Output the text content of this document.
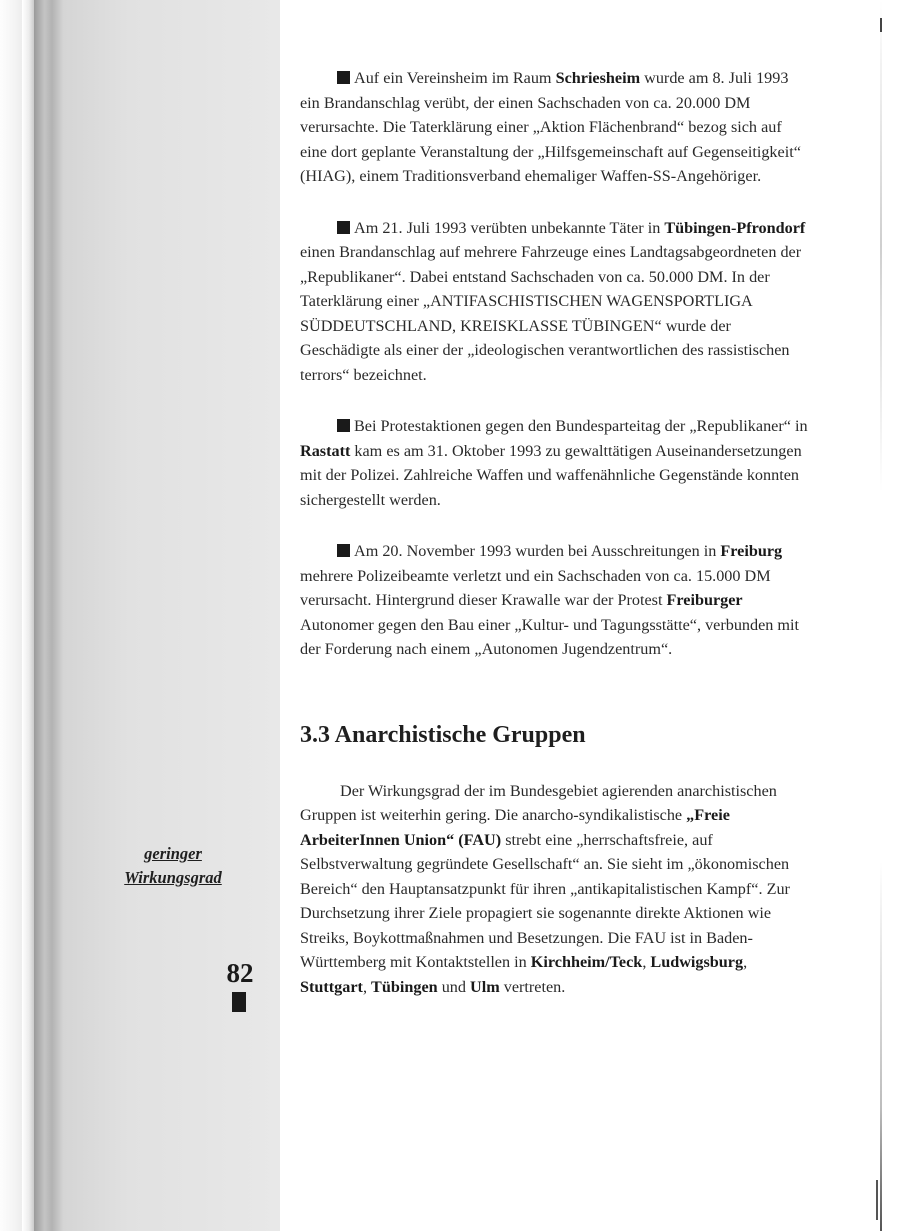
geringer
Wirkungsgrad
82

Auf ein Vereinsheim im Raum Schriesheim wurde am 8. Juli 1993 ein Brandanschlag verübt, der einen Sachschaden von ca. 20.000 DM verursachte. Die Taterklärung einer „Aktion Flächenbrand“ bezog sich auf eine dort geplante Veranstaltung der „Hilfsgemeinschaft auf Gegenseitigkeit“ (HIAG), einem Traditionsverband ehemaliger Waffen-SS-Angehöriger.

Am 21. Juli 1993 verübten unbekannte Täter in Tübingen-Pfrondorf einen Brandanschlag auf mehrere Fahrzeuge eines Landtagsabgeordneten der „Republikaner“. Dabei entstand Sachschaden von ca. 50.000 DM. In der Taterklärung einer „ANTIFASCHISTISCHEN WAGENSPORTLIGA SÜDDEUTSCHLAND, KREISKLASSE TÜBINGEN“ wurde der Geschädigte als einer der „ideologischen verantwortlichen des rassistischen terrors“ bezeichnet.

Bei Protestaktionen gegen den Bundesparteitag der „Republikaner“ in Rastatt kam es am 31. Oktober 1993 zu gewalttätigen Auseinandersetzungen mit der Polizei. Zahlreiche Waffen und waffenähnliche Gegenstände konnten sichergestellt werden.

Am 20. November 1993 wurden bei Ausschreitungen in Freiburg mehrere Polizeibeamte verletzt und ein Sachschaden von ca. 15.000 DM verursacht. Hintergrund dieser Krawalle war der Protest Freiburger Autonomer gegen den Bau einer „Kultur- und Tagungsstätte“, verbunden mit der Forderung nach einem „Autonomen Jugendzentrum“.

3.3 Anarchistische Gruppen

Der Wirkungsgrad der im Bundesgebiet agierenden anarchistischen Gruppen ist weiterhin gering. Die anarcho-syndikalistische „Freie ArbeiterInnen Union“ (FAU) strebt eine „herrschaftsfreie, auf Selbstverwaltung gegründete Gesellschaft“ an. Sie sieht im „ökonomischen Bereich“ den Hauptansatzpunkt für ihren „antikapitalistischen Kampf“. Zur Durchsetzung ihrer Ziele propagiert sie sogenannte direkte Aktionen wie Streiks, Boykottmaßnahmen und Besetzungen. Die FAU ist in Baden-Württemberg mit Kontaktstellen in Kirchheim/Teck, Ludwigsburg, Stuttgart, Tübingen und Ulm vertreten.
